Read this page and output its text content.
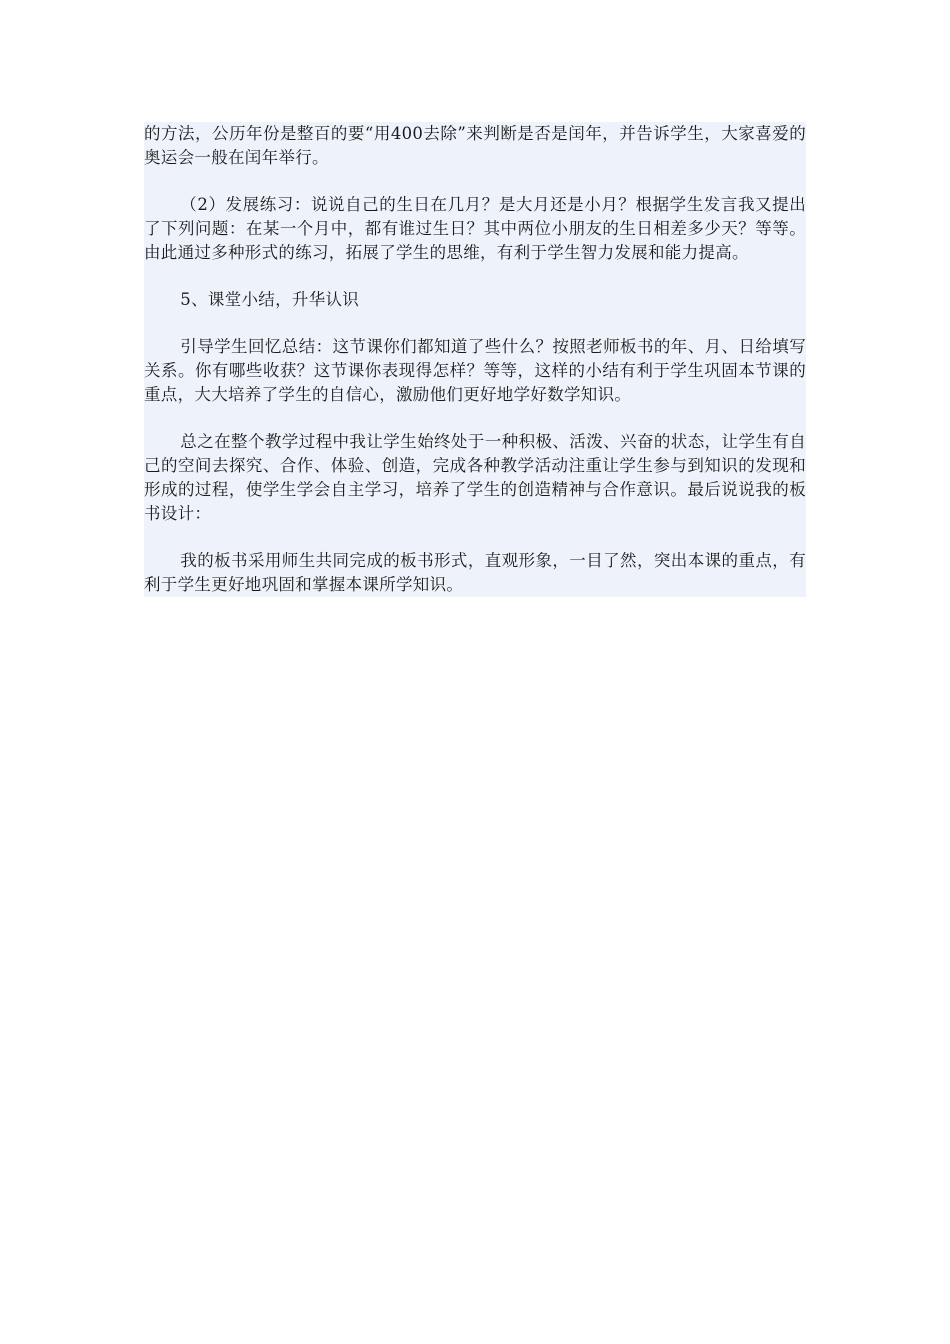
的方法，公历年份是整百的要“用400去除”来判断是否是闰年，并告诉学生，大家喜爱的奥运会一般在闰年举行。

（2）发展练习：说说自己的生日在几月？是大月还是小月？根据学生发言我又提出了下列问题：在某一个月中，都有谁过生日？其中两位小朋友的生日相差多少天？等等。由此通过多种形式的练习，拓展了学生的思维，有利于学生智力发展和能力提高。

5、课堂小结，升华认识

引导学生回忆总结：这节课你们都知道了些什么？按照老师板书的年、月、日给填写关系。你有哪些收获？这节课你表现得怎样？等等，这样的小结有利于学生巩固本节课的重点，大大培养了学生的自信心，激励他们更好地学好数学知识。

总之在整个教学过程中我让学生始终处于一种积极、活泼、兴奋的状态，让学生有自己的空间去探究、合作、体验、创造，完成各种教学活动注重让学生参与到知识的发现和形成的过程，使学生学会自主学习，培养了学生的创造精神与合作意识。最后说说我的板书设计：

我的板书采用师生共同完成的板书形式，直观形象，一目了然，突出本课的重点，有利于学生更好地巩固和掌握本课所学知识。
